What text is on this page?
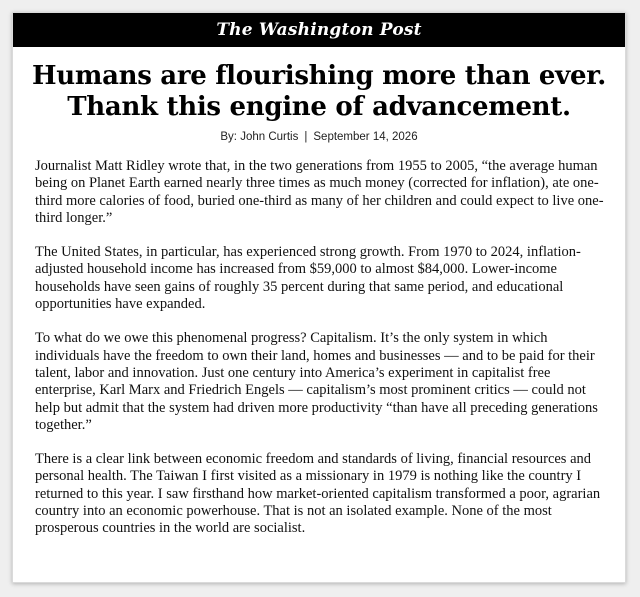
The Washington Post
Humans are flourishing more than ever.
Thank this engine of advancement.
By: John Curtis | September 14, 2026

Journalist Matt Ridley wrote that, in the two generations from 1955 to 2005, “the average human being on Planet Earth earned nearly three times as much money (corrected for inflation), ate one-third more calories of food, buried one-third as many of her children and could expect to live one-third longer.”

The United States, in particular, has experienced strong growth. From 1970 to 2024, inflation-adjusted household income has increased from $59,000 to almost $84,000. Lower-income households have seen gains of roughly 35 percent during that same period, and educational opportunities have expanded.

To what do we owe this phenomenal progress? Capitalism. It’s the only system in which individuals have the freedom to own their land, homes and businesses — and to be paid for their talent, labor and innovation. Just one century into America’s experiment in capitalist free enterprise, Karl Marx and Friedrich Engels — capitalism’s most prominent critics — could not help but admit that the system had driven more productivity “than have all preceding generations together.”

There is a clear link between economic freedom and standards of living, financial resources and personal health. The Taiwan I first visited as a missionary in 1979 is nothing like the country I returned to this year. I saw firsthand how market-oriented capitalism transformed a poor, agrarian country into an economic powerhouse. That is not an isolated example. None of the most prosperous countries in the world are socialist.
